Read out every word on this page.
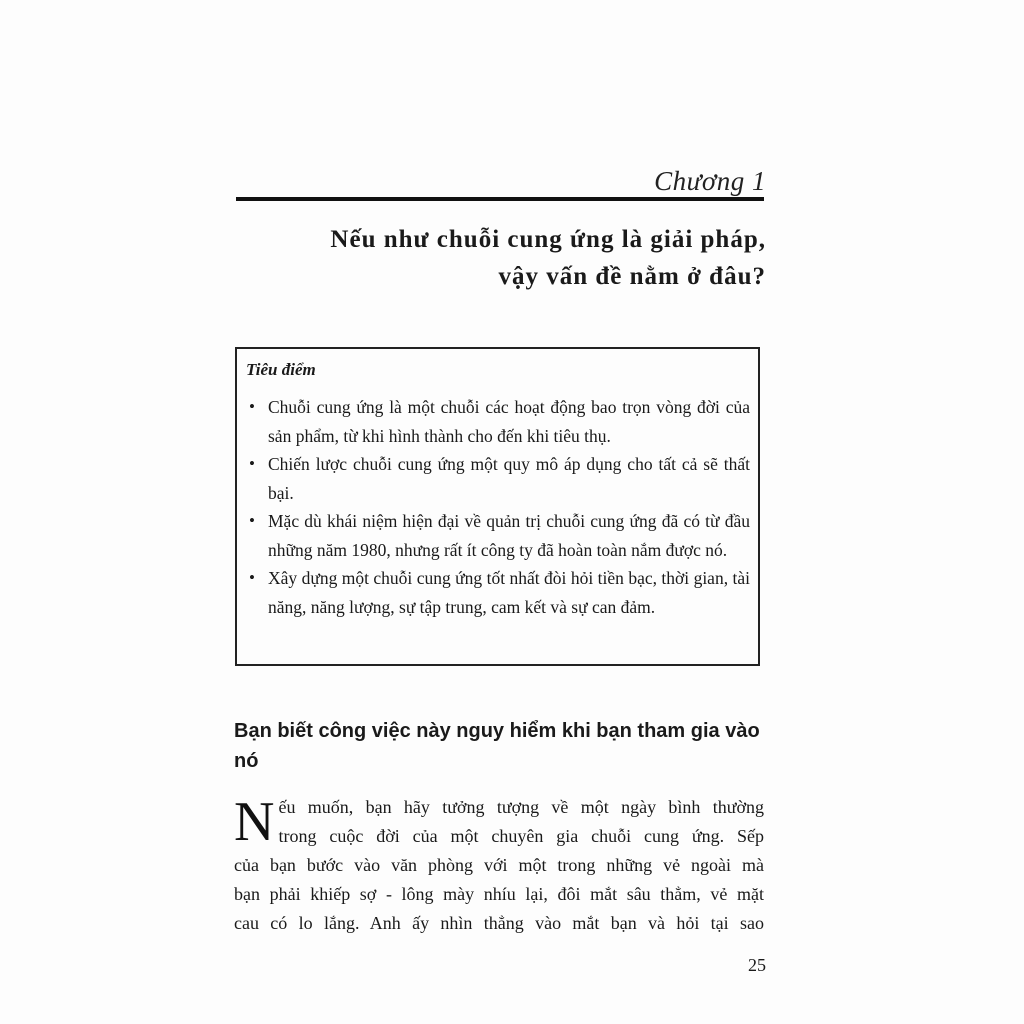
Chương 1
Nếu như chuỗi cung ứng là giải pháp,
vậy vấn đề nằm ở đâu?
Tiêu điểm
• Chuỗi cung ứng là một chuỗi các hoạt động bao trọn vòng đời của sản phẩm, từ khi hình thành cho đến khi tiêu thụ.
• Chiến lược chuỗi cung ứng một quy mô áp dụng cho tất cả sẽ thất bại.
• Mặc dù khái niệm hiện đại về quản trị chuỗi cung ứng đã có từ đầu những năm 1980, nhưng rất ít công ty đã hoàn toàn nắm được nó.
• Xây dựng một chuỗi cung ứng tốt nhất đòi hỏi tiền bạc, thời gian, tài năng, năng lượng, sự tập trung, cam kết và sự can đảm.
Bạn biết công việc này nguy hiểm khi bạn tham gia vào nó
N ếu muốn, bạn hãy tưởng tượng về một ngày bình thường
trong cuộc đời của một chuyên gia chuỗi cung ứng. Sếp
của bạn bước vào văn phòng với một trong những vẻ ngoài mà
bạn phải khiếp sợ - lông mày nhíu lại, đôi mắt sâu thẳm, vẻ mặt
cau có lo lắng. Anh ấy nhìn thẳng vào mắt bạn và hỏi tại sao
25
